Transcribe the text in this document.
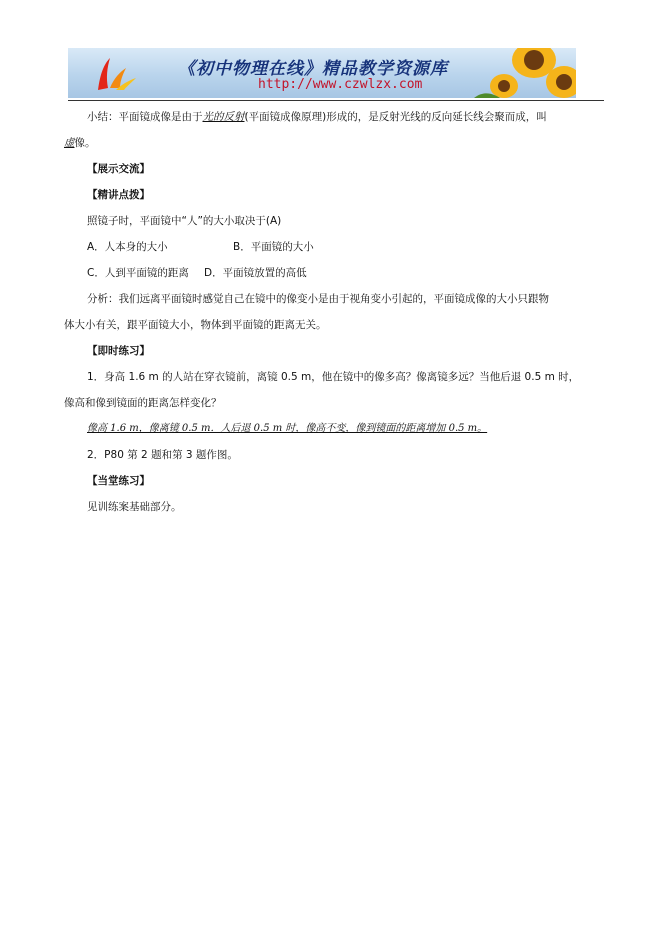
《初中物理在线》精品教学资源库
http://www.czwlzx.com
小结：平面镜成像是由于光的反射(平面镜成像原理)形成的，是反射光线的反向延长线会聚而成，叫
虚像。
【展示交流】
【精讲点拨】
照镜子时，平面镜中“人”的大小取决于(A)
A．人本身的大小	B．平面镜的大小
C．人到平面镜的距离 D．平面镜放置的高低
分析：我们远离平面镜时感觉自己在镜中的像变小是由于视角变小引起的，平面镜成像的大小只跟物
体大小有关，跟平面镜大小，物体到平面镜的距离无关。
【即时练习】
1．身高 1.6 m 的人站在穿衣镜前，离镜 0.5 m，他在镜中的像多高？像离镜多远？当他后退 0.5 m 时，
像高和像到镜面的距离怎样变化？
像高 1.6 m，像离镜 0.5 m．人后退 0.5 m 时，像高不变，像到镜面的距离增加 0.5 m。
2．P80 第 2 题和第 3 题作图。
【当堂练习】
见训练案基础部分。
